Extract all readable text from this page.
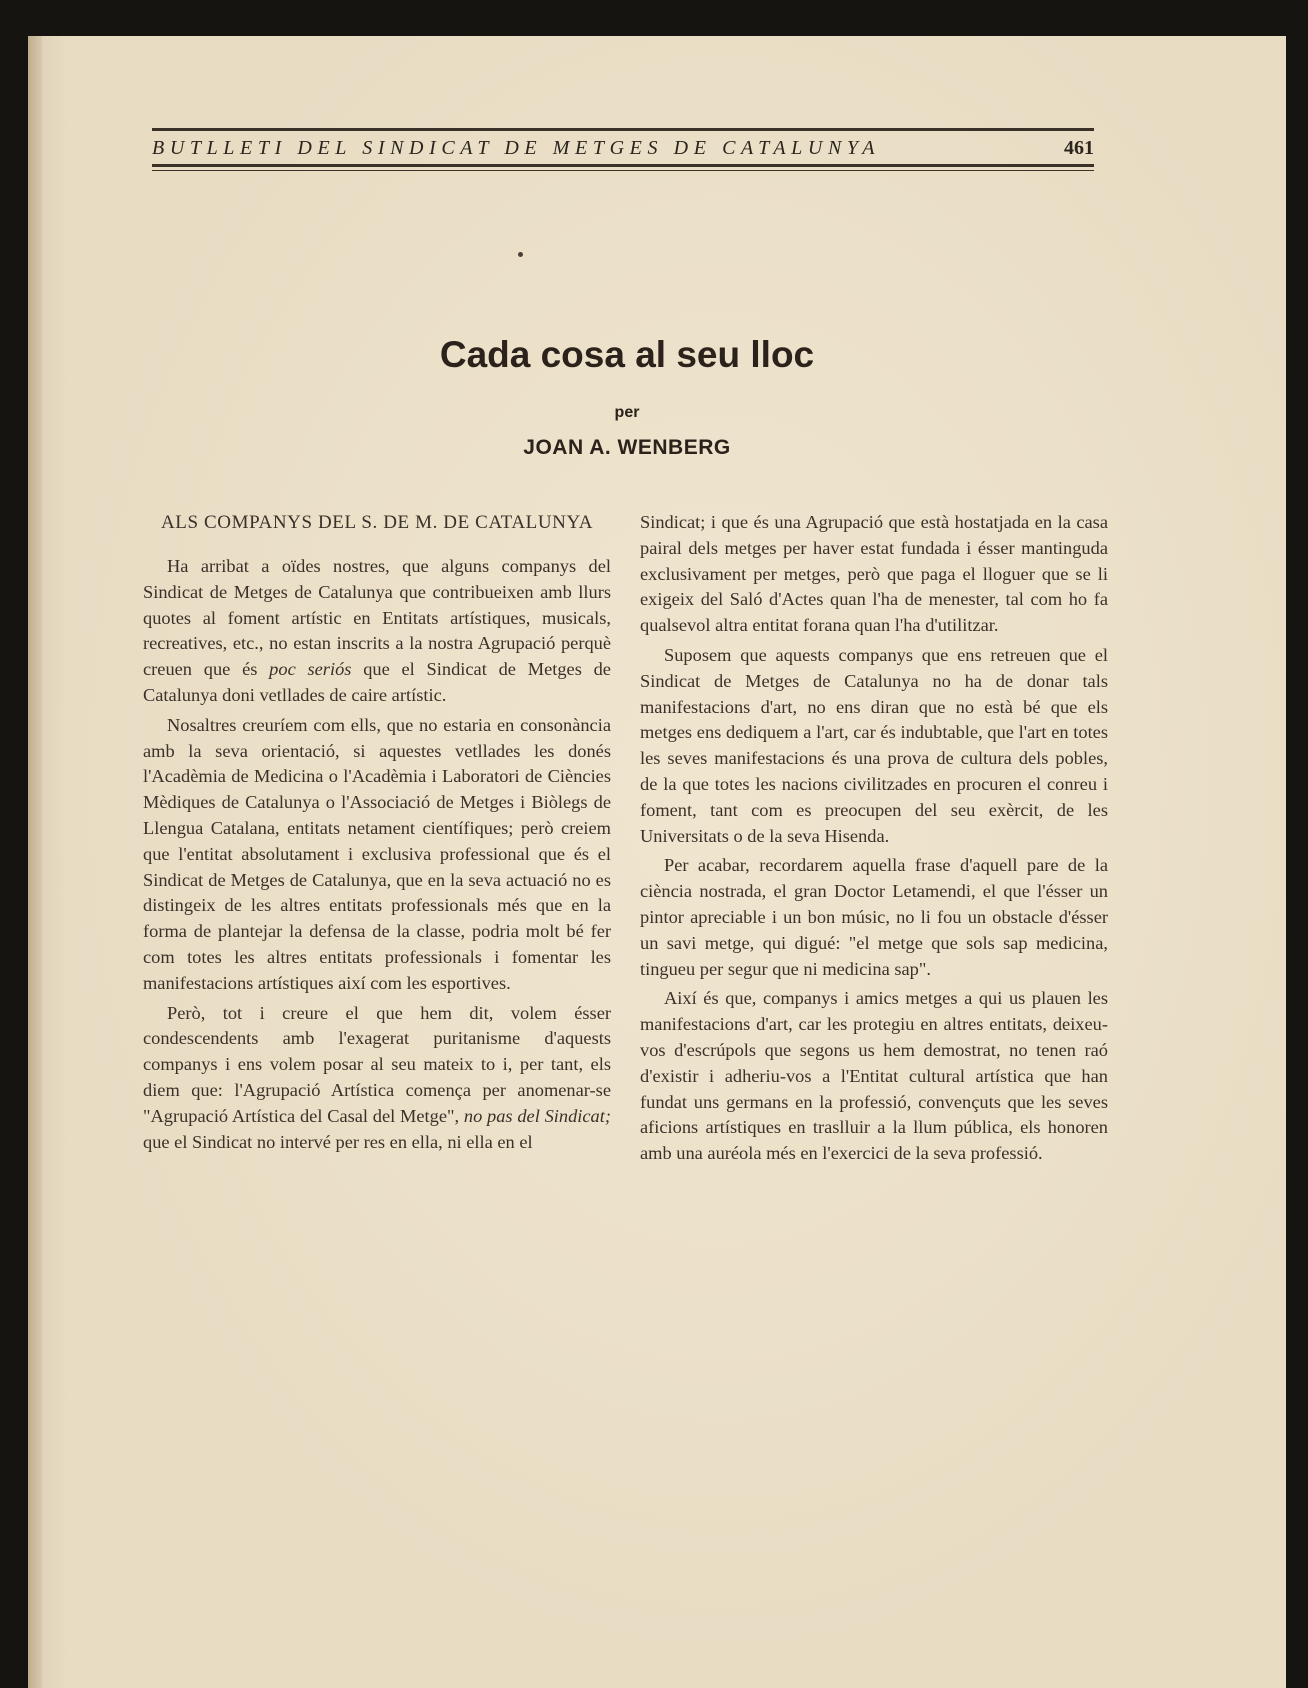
BUTLLETI DEL SINDICAT DE METGES DE CATALUNYA	461
Cada cosa al seu lloc
per
JOAN A. WENBERG

ALS COMPANYS DEL S. DE M. DE CATALUNYA

Ha arribat a oïdes nostres, que alguns companys del Sindicat de Metges de Catalunya que contribueixen amb llurs quotes al foment artístic en Entitats artístiques, musicals, recreatives, etc., no estan inscrits a la nostra Agrupació perquè creuen que és poc seriós que el Sindicat de Metges de Catalunya doni vetllades de caire artístic.

Nosaltres creuríem com ells, que no estaria en consonància amb la seva orientació, si aquestes vetllades les donés l'Acadèmia de Medicina o l'Acadèmia i Laboratori de Ciències Mèdiques de Catalunya o l'Associació de Metges i Biòlegs de Llengua Catalana, entitats netament científiques; però creiem que l'entitat absolutament i exclusiva professional que és el Sindicat de Metges de Catalunya, que en la seva actuació no es distingeix de les altres entitats professionals més que en la forma de plantejar la defensa de la classe, podria molt bé fer com totes les altres entitats professionals i fomentar les manifestacions artístiques així com les esportives.

Però, tot i creure el que hem dit, volem ésser condescendents amb l'exagerat puritanisme d'aquests companys i ens volem posar al seu mateix to i, per tant, els diem que: l'Agrupació Artística comença per anomenar-se "Agrupació Artística del Casal del Metge", no pas del Sindicat; que el Sindicat no intervé per res en ella, ni ella en el

Sindicat; i que és una Agrupació que està hostatjada en la casa pairal dels metges per haver estat fundada i ésser mantinguda exclusivament per metges, però que paga el lloguer que se li exigeix del Saló d'Actes quan l'ha de menester, tal com ho fa qualsevol altra entitat forana quan l'ha d'utilitzar.

Suposem que aquests companys que ens retreuen que el Sindicat de Metges de Catalunya no ha de donar tals manifestacions d'art, no ens diran que no està bé que els metges ens dediquem a l'art, car és indubtable, que l'art en totes les seves manifestacions és una prova de cultura dels pobles, de la que totes les nacions civilitzades en procuren el conreu i foment, tant com es preocupen del seu exèrcit, de les Universitats o de la seva Hisenda.

Per acabar, recordarem aquella frase d'aquell pare de la ciència nostrada, el gran Doctor Letamendi, el que l'ésser un pintor apreciable i un bon músic, no li fou un obstacle d'ésser un savi metge, qui digué: "el metge que sols sap medicina, tingueu per segur que ni medicina sap".

Així és que, companys i amics metges a qui us plauen les manifestacions d'art, car les protegiu en altres entitats, deixeu-vos d'escrúpols que segons us hem demostrat, no tenen raó d'existir i adheriu-vos a l'Entitat cultural artística que han fundat uns germans en la professió, convençuts que les seves aficions artístiques en traslluir a la llum pública, els honoren amb una auréola més en l'exercici de la seva professió.
